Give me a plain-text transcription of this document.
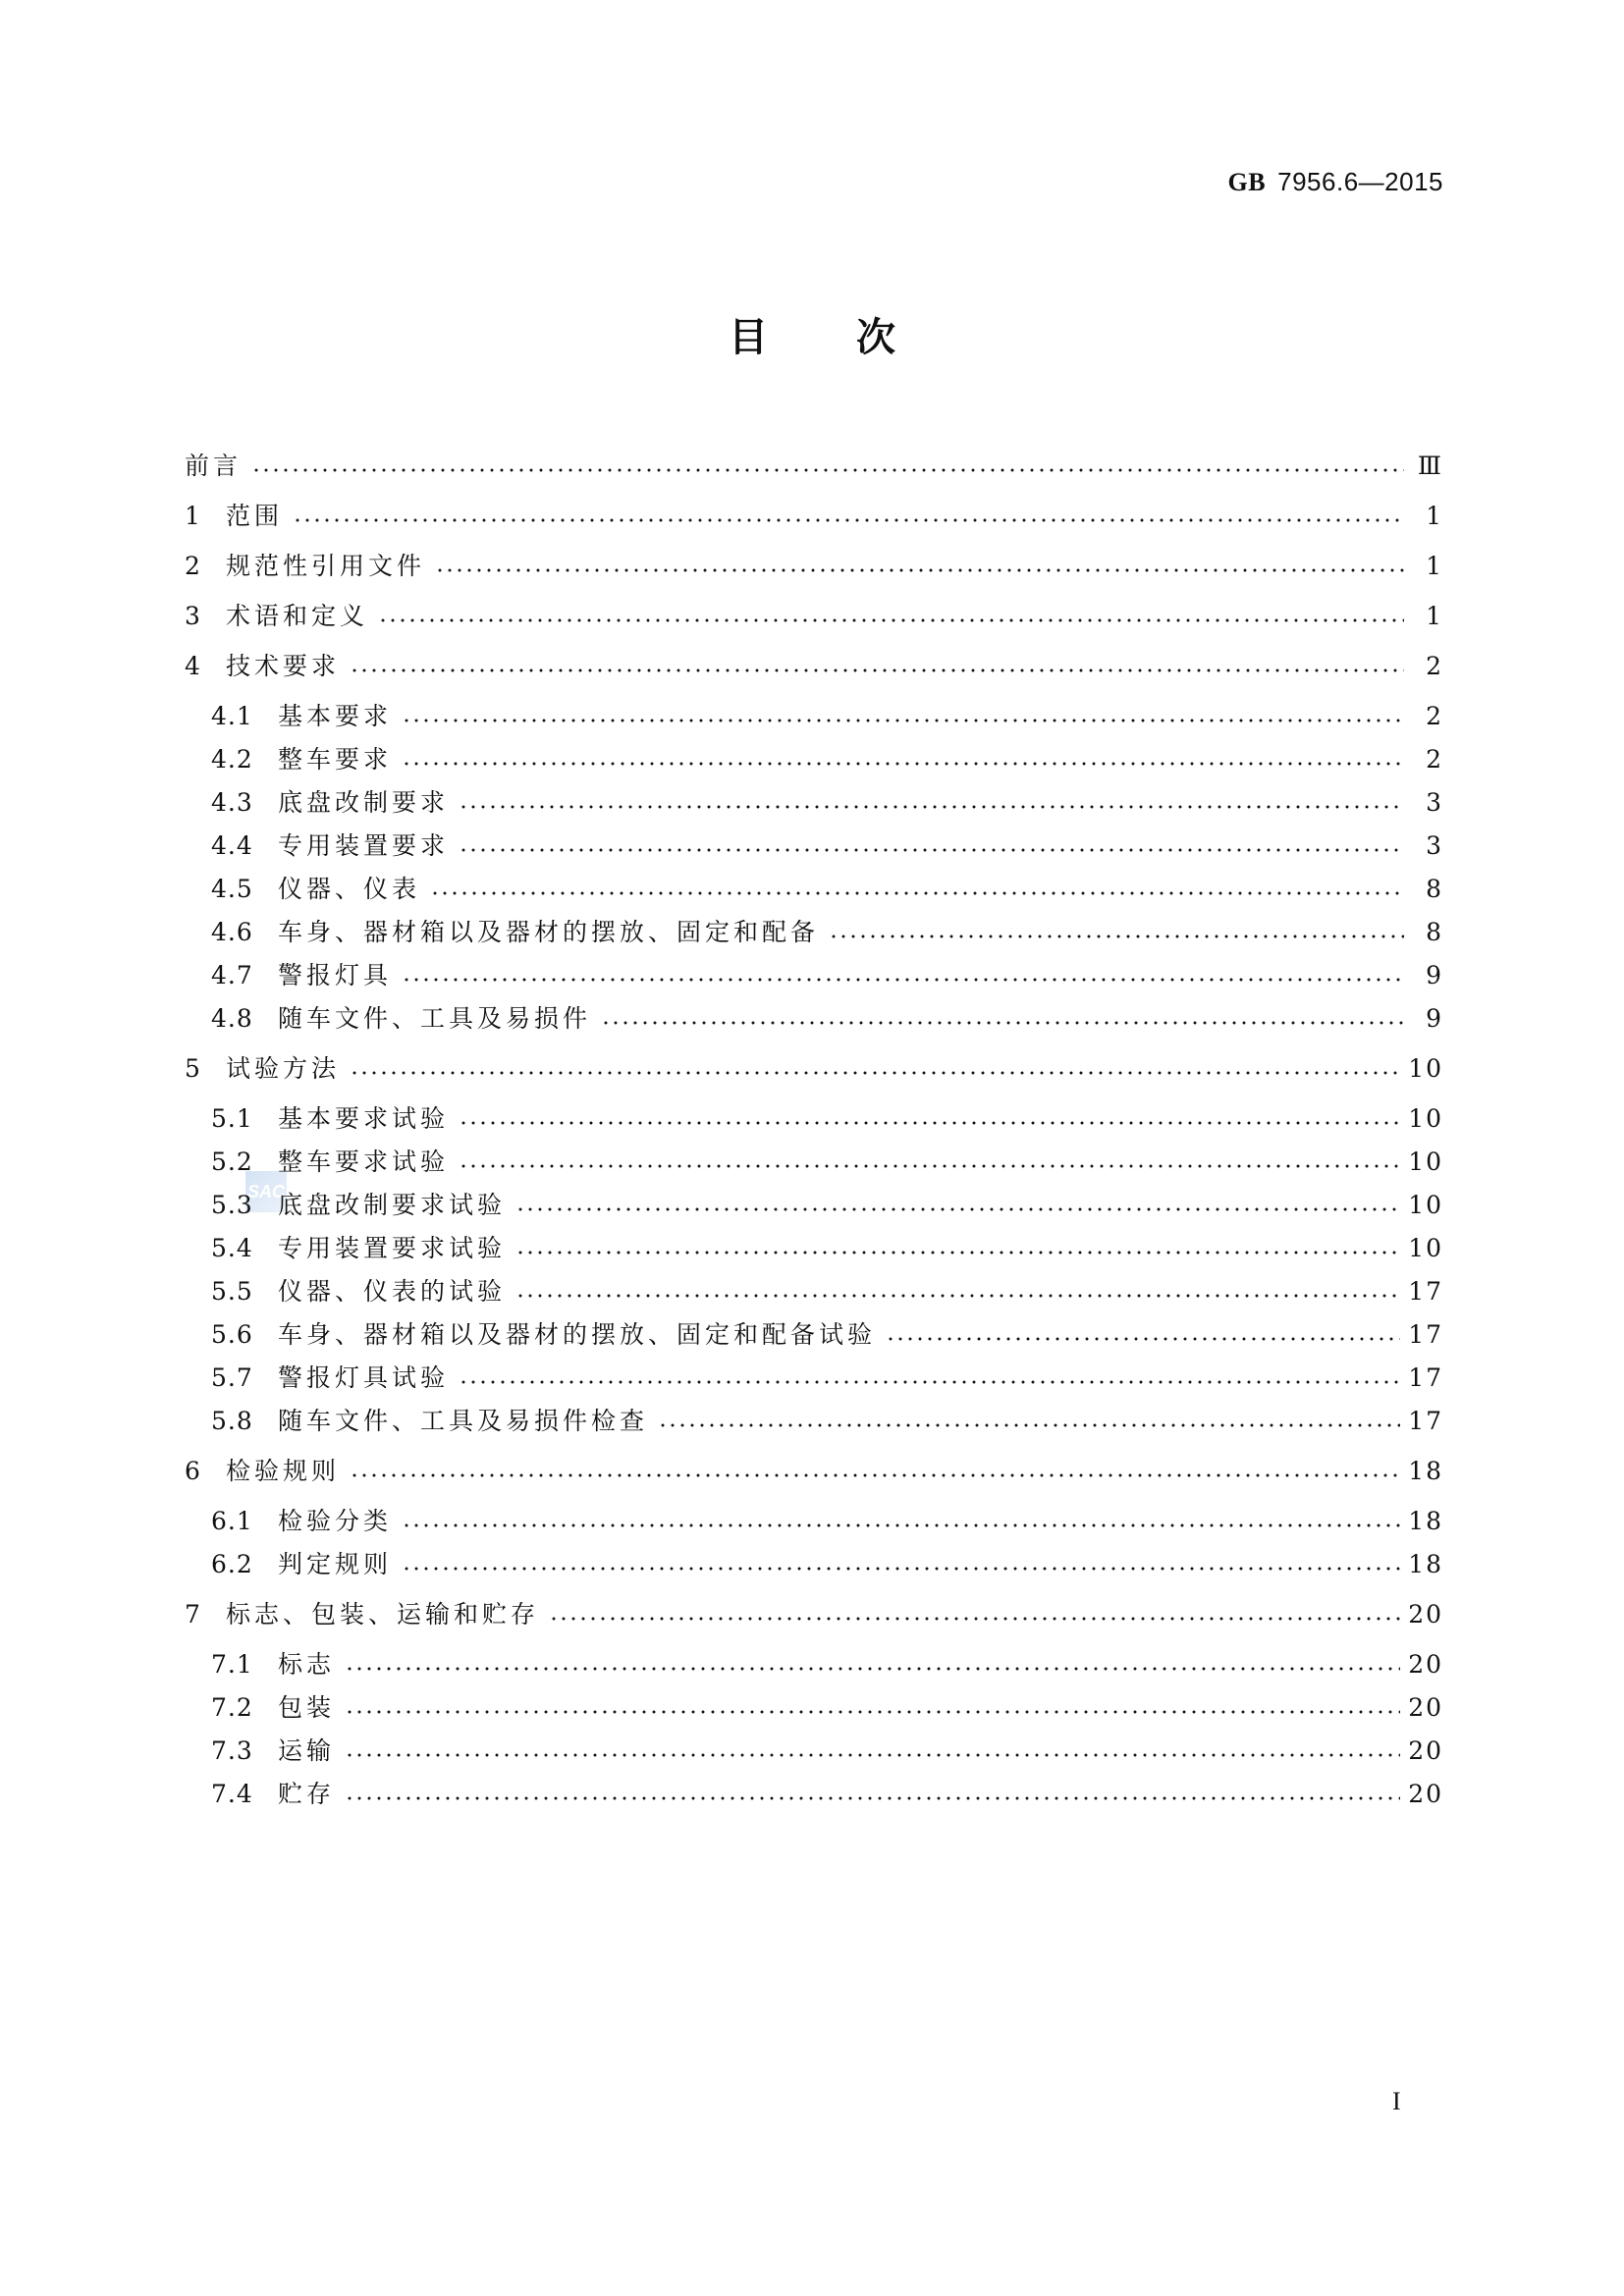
GB 7956.6—2015
目 次
SAC
前言	Ⅲ
1	范围	1
2	规范性引用文件	1
3	术语和定义	1
4	技术要求	2
4.1	基本要求	2
4.2	整车要求	2
4.3	底盘改制要求	3
4.4	专用装置要求	3
4.5	仪器、仪表	8
4.6	车身、器材箱以及器材的摆放、固定和配备	8
4.7	警报灯具	9
4.8	随车文件、工具及易损件	9
5	试验方法	10
5.1	基本要求试验	10
5.2	整车要求试验	10
5.3	底盘改制要求试验	10
5.4	专用装置要求试验	10
5.5	仪器、仪表的试验	17
5.6	车身、器材箱以及器材的摆放、固定和配备试验	17
5.7	警报灯具试验	17
5.8	随车文件、工具及易损件检查	17
6	检验规则	18
6.1	检验分类	18
6.2	判定规则	18
7	标志、包装、运输和贮存	20
7.1	标志	20
7.2	包装	20
7.3	运输	20
7.4	贮存	20
I
